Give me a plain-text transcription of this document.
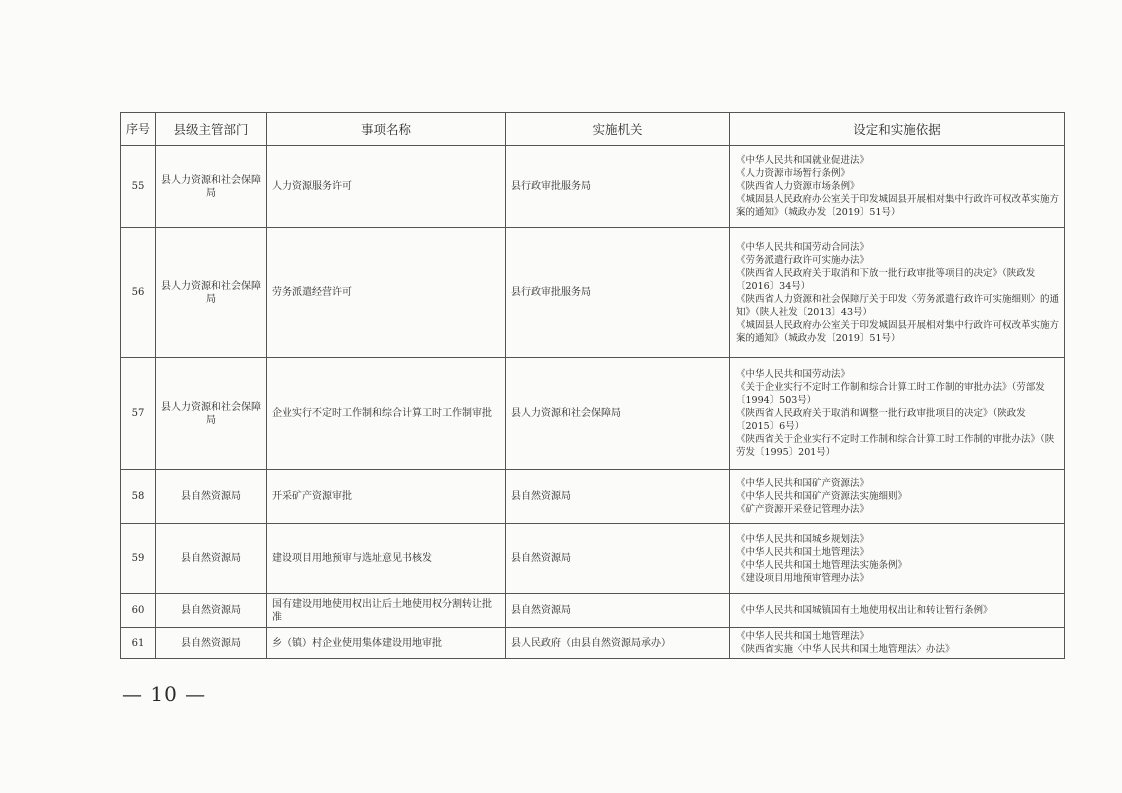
序号	县级主管部门	事项名称	实施机关	设定和实施依据
55	县人力资源和社会保障局	人力资源服务许可	县行政审批服务局	《中华人民共和国就业促进法》
《人力资源市场暂行条例》
《陕西省人力资源市场条例》
《城固县人民政府办公室关于印发城固县开展相对集中行政许可权改革实施方案的通知》（城政办发〔2019〕51号）

56	县人力资源和社会保障局	劳务派遣经营许可	县行政审批服务局	《中华人民共和国劳动合同法》
《劳务派遣行政许可实施办法》
《陕西省人民政府关于取消和下放一批行政审批等项目的决定》（陕政发〔2016〕34号）
《陕西省人力资源和社会保障厅关于印发〈劳务派遣行政许可实施细则〉的通知》（陕人社发〔2013〕43号）
《城固县人民政府办公室关于印发城固县开展相对集中行政许可权改革实施方案的通知》（城政办发〔2019〕51号）

57	县人力资源和社会保障局	企业实行不定时工作制和综合计算工时工作制审批	县人力资源和社会保障局	《中华人民共和国劳动法》
《关于企业实行不定时工作制和综合计算工时工作制的审批办法》（劳部发〔1994〕503号）
《陕西省人民政府关于取消和调整一批行政审批项目的决定》（陕政发〔2015〕6号）
《陕西省关于企业实行不定时工作制和综合计算工时工作制的审批办法》（陕劳发〔1995〕201号）

58	县自然资源局	开采矿产资源审批	县自然资源局	《中华人民共和国矿产资源法》
《中华人民共和国矿产资源法实施细则》
《矿产资源开采登记管理办法》

59	县自然资源局	建设项目用地预审与选址意见书核发	县自然资源局	《中华人民共和国城乡规划法》
《中华人民共和国土地管理法》
《中华人民共和国土地管理法实施条例》
《建设项目用地预审管理办法》

60	县自然资源局	国有建设用地使用权出让后土地使用权分割转让批准	县自然资源局	《中华人民共和国城镇国有土地使用权出让和转让暂行条例》

61	县自然资源局	乡（镇）村企业使用集体建设用地审批	县人民政府（由县自然资源局承办）	《中华人民共和国土地管理法》
《陕西省实施〈中华人民共和国土地管理法〉办法》
— 10 —
